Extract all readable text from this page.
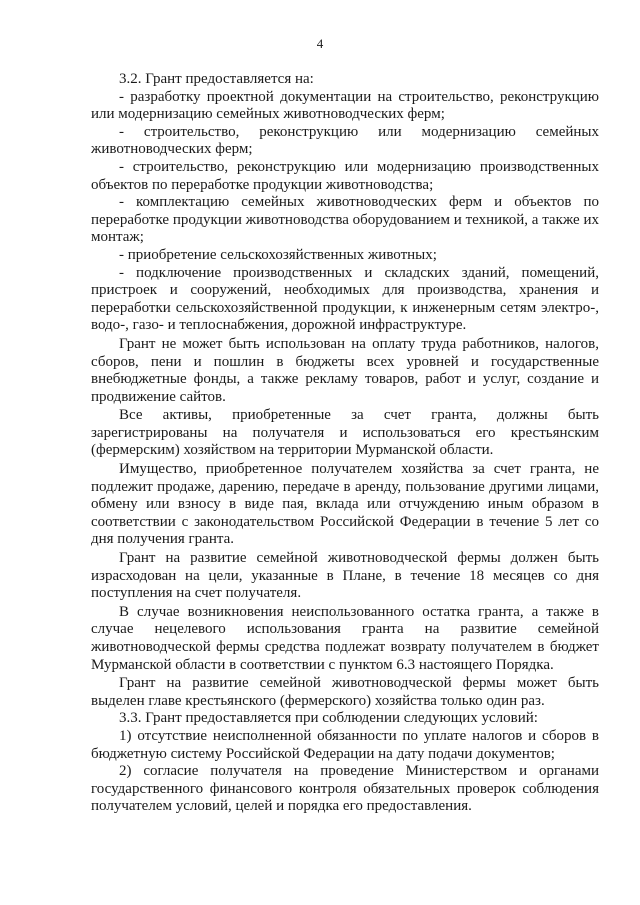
4

3.2. Грант предоставляется на:

- разработку проектной документации на строительство, реконструкцию или модернизацию семейных животноводческих ферм;

- строительство, реконструкцию или модернизацию семейных животноводческих ферм;

- строительство, реконструкцию или модернизацию производственных объектов по переработке продукции животноводства;

- комплектацию семейных животноводческих ферм и объектов по переработке продукции животноводства оборудованием и техникой, а также их монтаж;

- приобретение сельскохозяйственных животных;

- подключение производственных и складских зданий, помещений, пристроек и сооружений, необходимых для производства, хранения и переработки сельскохозяйственной продукции, к инженерным сетям электро-, водо-, газо- и теплоснабжения, дорожной инфраструктуре.

Грант не может быть использован на оплату труда работников, налогов, сборов, пени и пошлин в бюджеты всех уровней и государственные внебюджетные фонды, а также рекламу товаров, работ и услуг, создание и продвижение сайтов.

Все активы, приобретенные за счет гранта, должны быть зарегистрированы на получателя и использоваться его крестьянским (фермерским) хозяйством на территории Мурманской области.

Имущество, приобретенное получателем хозяйства за счет гранта, не подлежит продаже, дарению, передаче в аренду, пользование другими лицами, обмену или взносу в виде пая, вклада или отчуждению иным образом в соответствии с законодательством Российской Федерации в течение 5 лет со дня получения гранта.

Грант на развитие семейной животноводческой фермы должен быть израсходован на цели, указанные в Плане, в течение 18 месяцев со дня поступления на счет получателя.

В случае возникновения неиспользованного остатка гранта, а также в случае нецелевого использования гранта на развитие семейной животноводческой фермы средства подлежат возврату получателем в бюджет Мурманской области в соответствии с пунктом 6.3 настоящего Порядка.

Грант на развитие семейной животноводческой фермы может быть выделен главе крестьянского (фермерского) хозяйства только один раз.

3.3. Грант предоставляется при соблюдении следующих условий:

1) отсутствие неисполненной обязанности по уплате налогов и сборов в бюджетную систему Российской Федерации на дату подачи документов;

2) согласие получателя на проведение Министерством и органами государственного финансового контроля обязательных проверок соблюдения получателем условий, целей и порядка его предоставления.
